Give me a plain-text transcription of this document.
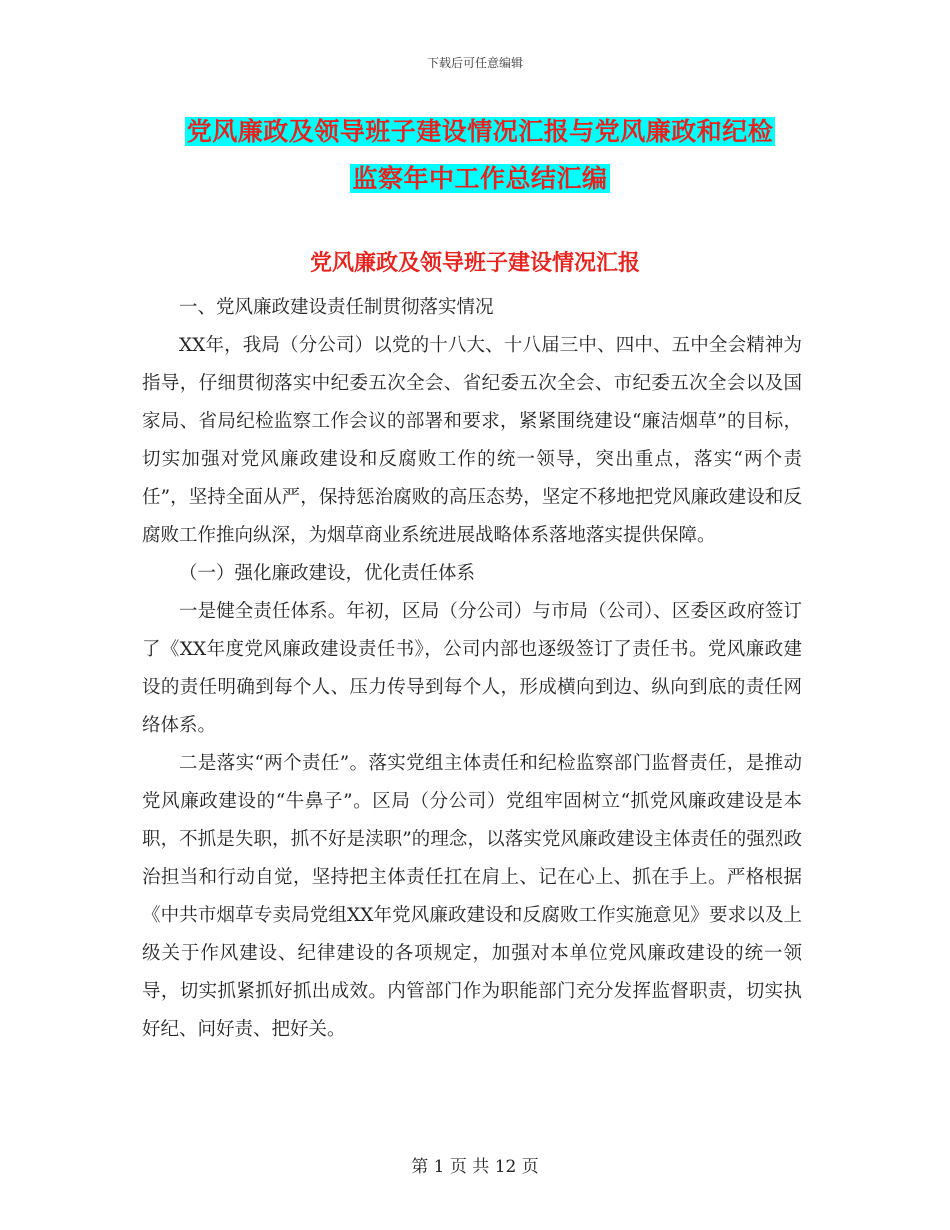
下载后可任意编辑
党风廉政及领导班子建设情况汇报与党风廉政和纪检
监察年中工作总结汇编
党风廉政及领导班子建设情况汇报

一、党风廉政建设责任制贯彻落实情况

XX年，我局（分公司）以党的十八大、十八届三中、四中、五中全会精神为指导，仔细贯彻落实中纪委五次全会、省纪委五次全会、市纪委五次全会以及国家局、省局纪检监察工作会议的部署和要求，紧紧围绕建设“廉洁烟草”的目标，切实加强对党风廉政建设和反腐败工作的统一领导，突出重点，落实“两个责任”，坚持全面从严，保持惩治腐败的高压态势，坚定不移地把党风廉政建设和反腐败工作推向纵深，为烟草商业系统进展战略体系落地落实提供保障。

（一）强化廉政建设，优化责任体系

一是健全责任体系。年初，区局（分公司）与市局（公司）、区委区政府签订了《XX年度党风廉政建设责任书》，公司内部也逐级签订了责任书。党风廉政建设的责任明确到每个人、压力传导到每个人，形成横向到边、纵向到底的责任网络体系。

二是落实“两个责任”。落实党组主体责任和纪检监察部门监督责任，是推动党风廉政建设的“牛鼻子”。区局（分公司）党组牢固树立“抓党风廉政建设是本职，不抓是失职，抓不好是渎职”的理念，以落实党风廉政建设主体责任的强烈政治担当和行动自觉，坚持把主体责任扛在肩上、记在心上、抓在手上。严格根据《中共市烟草专卖局党组XX年党风廉政建设和反腐败工作实施意见》要求以及上级关于作风建设、纪律建设的各项规定，加强对本单位党风廉政建设的统一领导，切实抓紧抓好抓出成效。内管部门作为职能部门充分发挥监督职责，切实执好纪、问好责、把好关。

第 1 页 共 12 页
